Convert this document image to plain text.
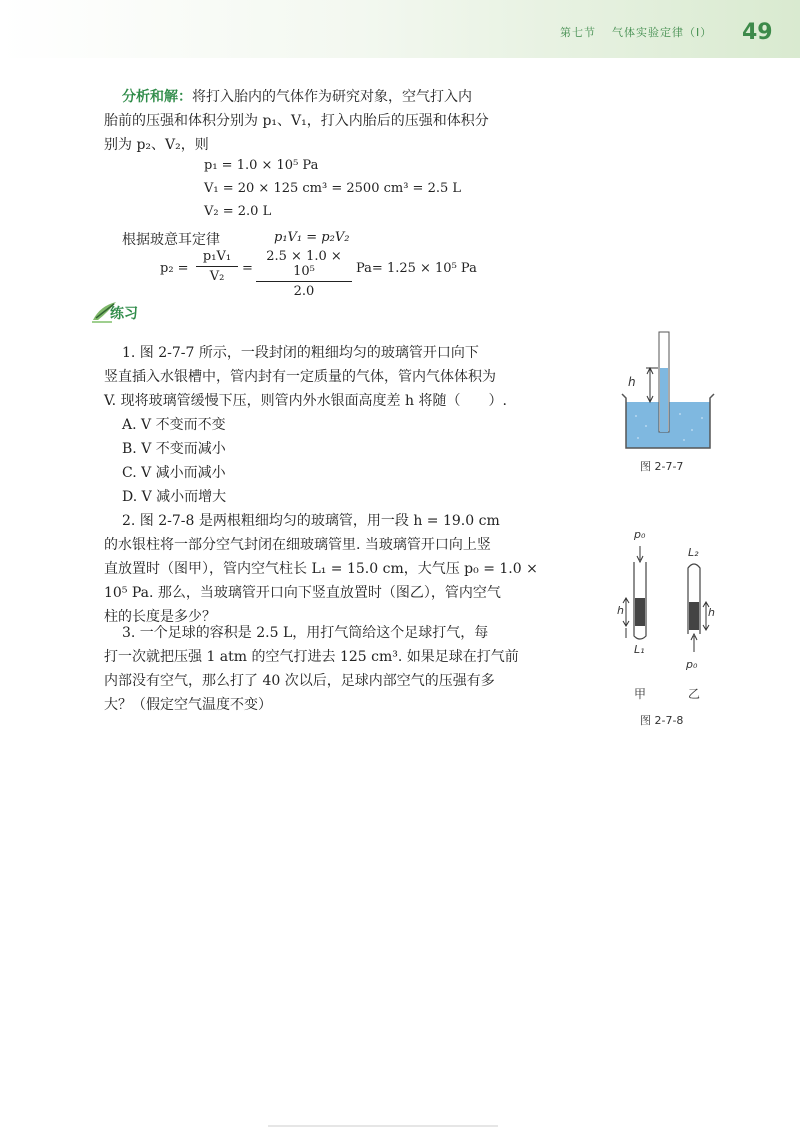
第七节 气体实验定律（I） 49
分析和解：将打入胎内的气体作为研究对象，空气打入内
胎前的压强和体积分别为 p₁、V₁，打入内胎后的压强和体积分
别为 p₂、V₂，则
p₁ = 1.0 × 10⁵ Pa
V₁ = 20 × 125 cm³ = 2500 cm³ = 2.5 L
V₂ = 2.0 L
根据玻意耳定律	p₁V₁ = p₂V₂
p₂ =
p₁V₁
V₂
=
2.5 × 1.0 × 10⁵
2.0
Pa= 1.25 × 10⁵ Pa
练习
1. 图 2-7-7 所示，一段封闭的粗细均匀的玻璃管开口向下
竖直插入水银槽中，管内封有一定质量的气体，管内气体体积为
V. 现将玻璃管缓慢下压，则管内外水银面高度差 h 将随（　　）.
A. V 不变而不变
B. V 不变而减小
C. V 减小而减小
D. V 减小而增大
2. 图 2-7-8 是两根粗细均匀的玻璃管，用一段 h = 19.0 cm
的水银柱将一部分空气封闭在细玻璃管里. 当玻璃管开口向上竖
直放置时（图甲），管内空气柱长 L₁ = 15.0 cm，大气压 p₀ = 1.0 ×
10⁵ Pa. 那么，当玻璃管开口向下竖直放置时（图乙），管内空气
柱的长度是多少？
3. 一个足球的容积是 2.5 L，用打气筒给这个足球打气，每
打一次就把压强 1 atm 的空气打进去 125 cm³. 如果足球在打气前
内部没有空气，那么打了 40 次以后，足球内部空气的压强有多
大？（假定空气温度不变）
h
图 2-7-7
p₀
L₂
h	h
L₁
p₀
甲	乙
图 2-7-8
